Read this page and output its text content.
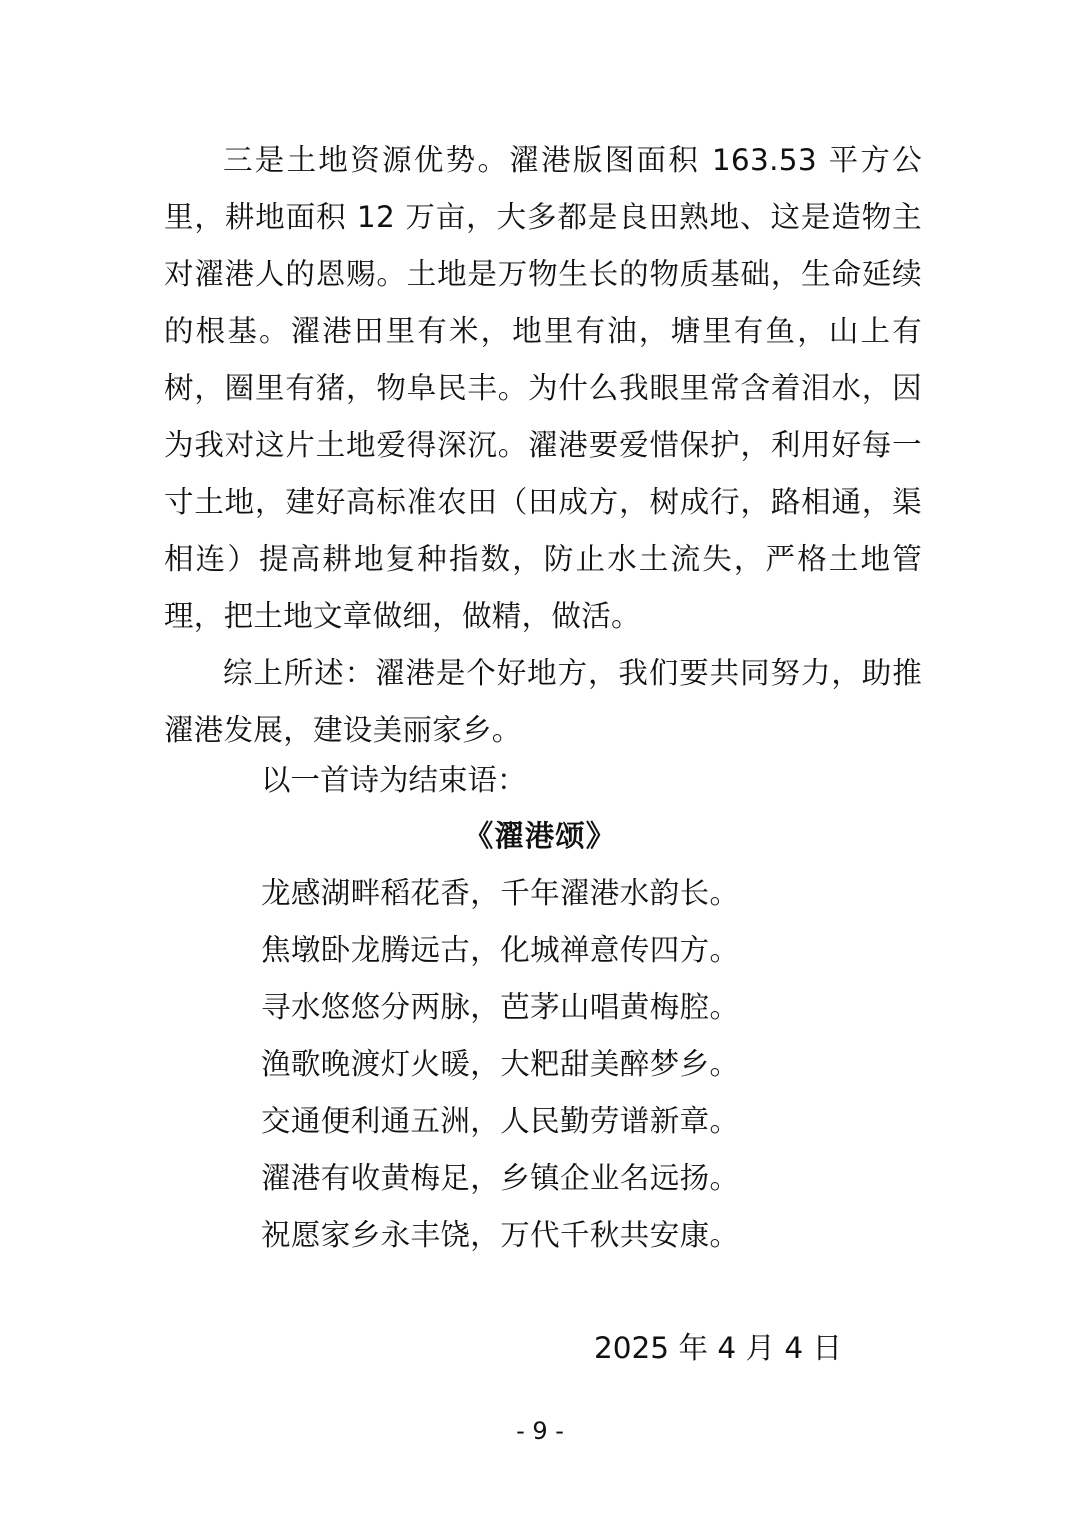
三是土地资源优势。濯港版图面积 163.53 平方公里，耕地面积 12 万亩，大多都是良田熟地、这是造物主对濯港人的恩赐。土地是万物生长的物质基础，生命延续的根基。濯港田里有米，地里有油，塘里有鱼，山上有树，圈里有猪，物阜民丰。为什么我眼里常含着泪水，因为我对这片土地爱得深沉。濯港要爱惜保护，利用好每一寸土地，建好高标准农田（田成方，树成行，路相通，渠相连）提高耕地复种指数，防止水土流失，严格土地管理，把土地文章做细，做精，做活。

综上所述：濯港是个好地方，我们要共同努力，助推濯港发展，建设美丽家乡。

以一首诗为结束语：

《濯港颂》

龙感湖畔稻花香，千年濯港水韵长。

焦墩卧龙腾远古，化城禅意传四方。

寻水悠悠分两脉，芭茅山唱黄梅腔。

渔歌晚渡灯火暖，大粑甜美醉梦乡。

交通便利通五洲，人民勤劳谱新章。

濯港有收黄梅足，乡镇企业名远扬。

祝愿家乡永丰饶，万代千秋共安康。

2025 年 4 月 4 日

- 9 -
